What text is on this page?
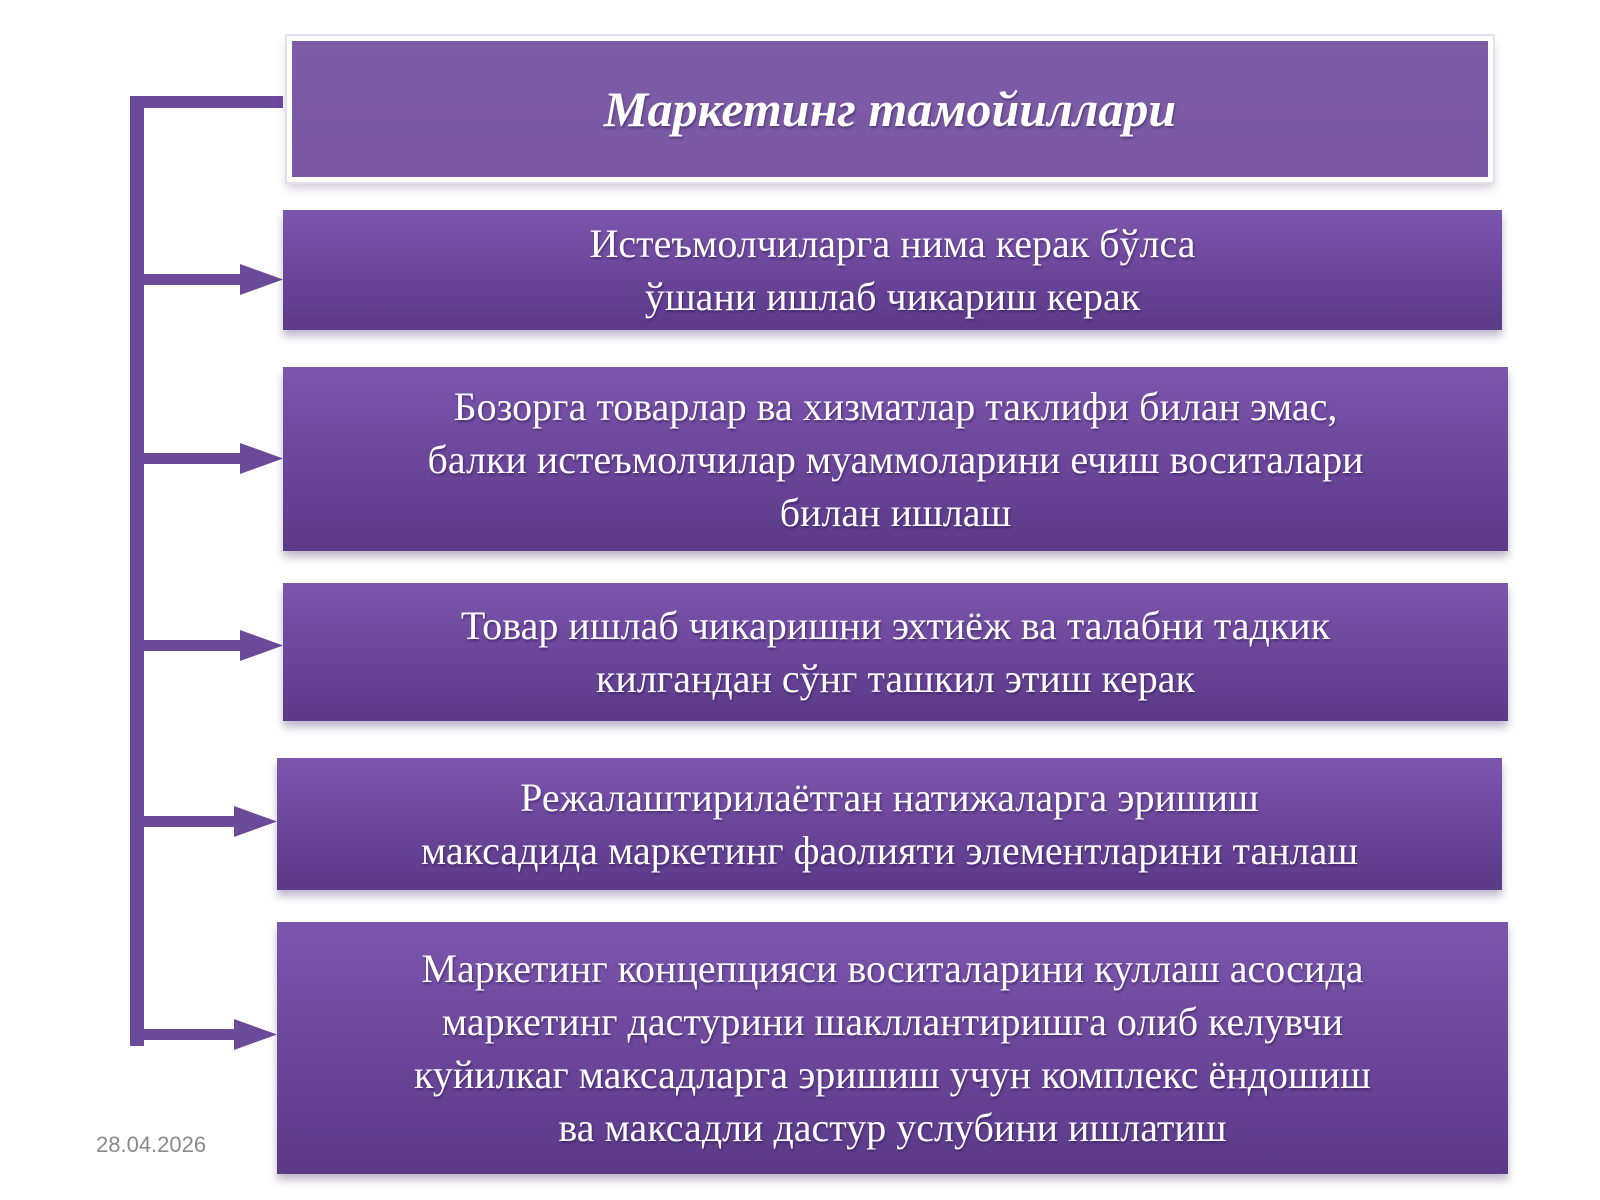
Маркетинг тамойиллари
Истеъмолчиларга нима керак бўлса
ўшани ишлаб чикариш керак
Бозорга товарлар ва хизматлар таклифи билан эмас,
балки истеъмолчилар муаммоларини ечиш воситалари
билан ишлаш
Товар ишлаб чикаришни эхтиёж ва талабни тадкик
килгандан сўнг ташкил этиш керак
Режалаштирилаётган натижаларга эришиш
максадида маркетинг фаолияти элементларини танлаш
Маркетинг концепцияси воситаларини куллаш асосида
маркетинг дастурини шакллантиришга олиб келувчи
куйилкаг максадларга эришиш учун комплекс ёндошиш
ва максадли дастур услубини ишлатиш
28.04.2026
